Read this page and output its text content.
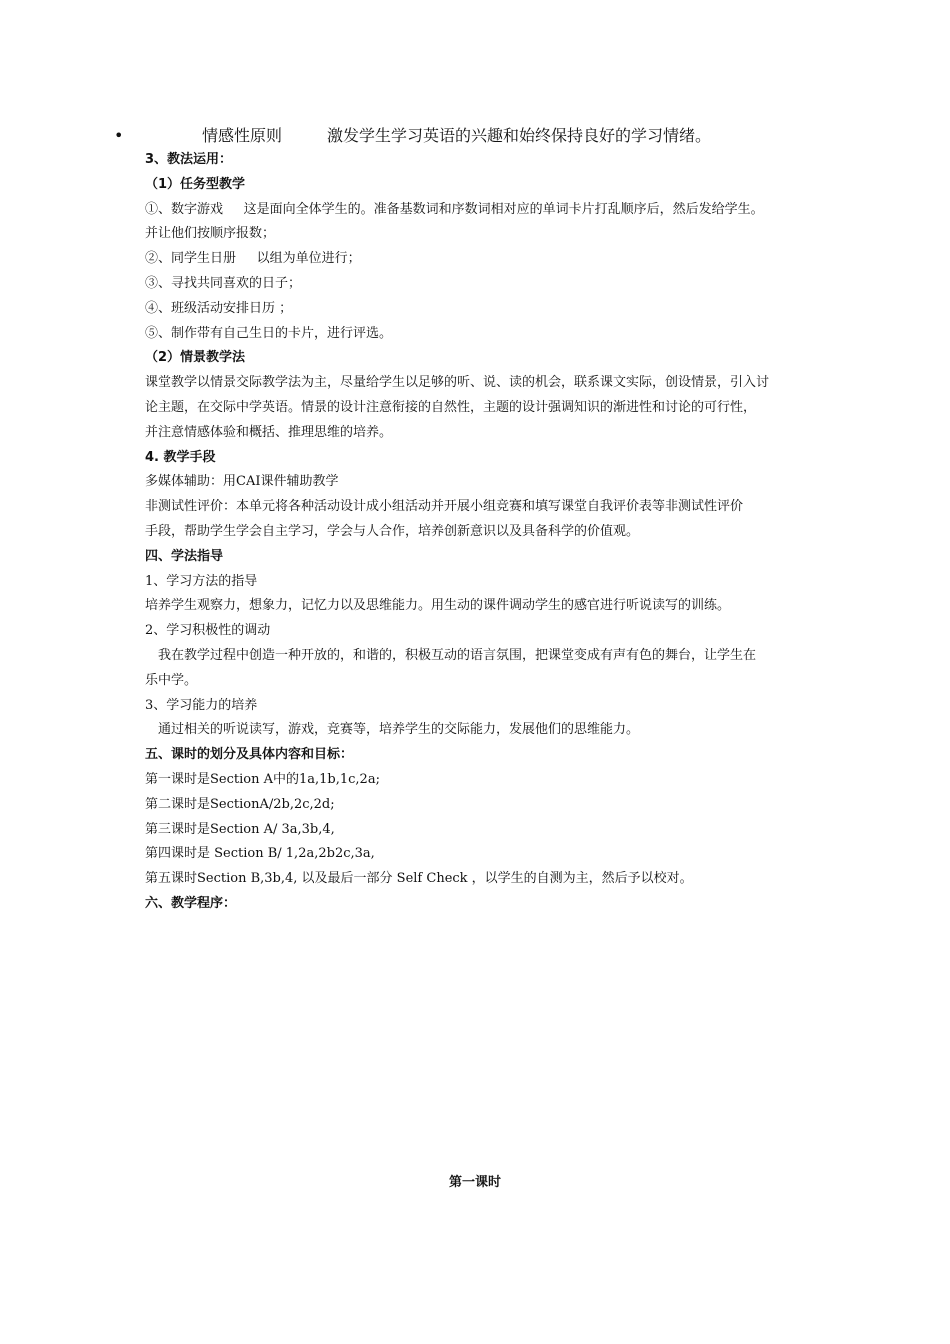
•	情感性原则	激发学生学习英语的兴趣和始终保持良好的学习情绪。
3、教法运用：
（1）任务型教学
①、数字游戏     这是面向全体学生的。准备基数词和序数词相对应的单词卡片打乱顺序后，然后发给学生。
并让他们按顺序报数；
②、同学生日册     以组为单位进行；
③、寻找共同喜欢的日子；
④、班级活动安排日历 ；
⑤、制作带有自己生日的卡片，进行评选。
（2）情景教学法
课堂教学以情景交际教学法为主，尽量给学生以足够的听、说、读的机会，联系课文实际，创设情景，引入讨
论主题，在交际中学英语。情景的设计注意衔接的自然性，主题的设计强调知识的渐进性和讨论的可行性，
并注意情感体验和概括、推理思维的培养。
4. 教学手段
多媒体辅助：用CAI课件辅助教学
非测试性评价：本单元将各种活动设计成小组活动并开展小组竞赛和填写课堂自我评价表等非测试性评价
手段，帮助学生学会自主学习，学会与人合作，培养创新意识以及具备科学的价值观。
四、学法指导
1、学习方法的指导
培养学生观察力，想象力，记忆力以及思维能力。用生动的课件调动学生的感官进行听说读写的训练。
2、学习积极性的调动
我在教学过程中创造一种开放的，和谐的，积极互动的语言氛围，把课堂变成有声有色的舞台，让学生在
乐中学。
3、学习能力的培养
通过相关的听说读写，游戏，竞赛等，培养学生的交际能力，发展他们的思维能力。
五、课时的划分及具体内容和目标：
第一课时是Section A中的1a,1b,1c,2a;
第二课时是SectionA/2b,2c,2d;
第三课时是Section A/ 3a,3b,4,
第四课时是 Section B/ 1,2a,2b2c,3a,
第五课时Section B,3b,4, 以及最后一部分 Self Check ，以学生的自测为主，然后予以校对。
六、教学程序：
第一课时
